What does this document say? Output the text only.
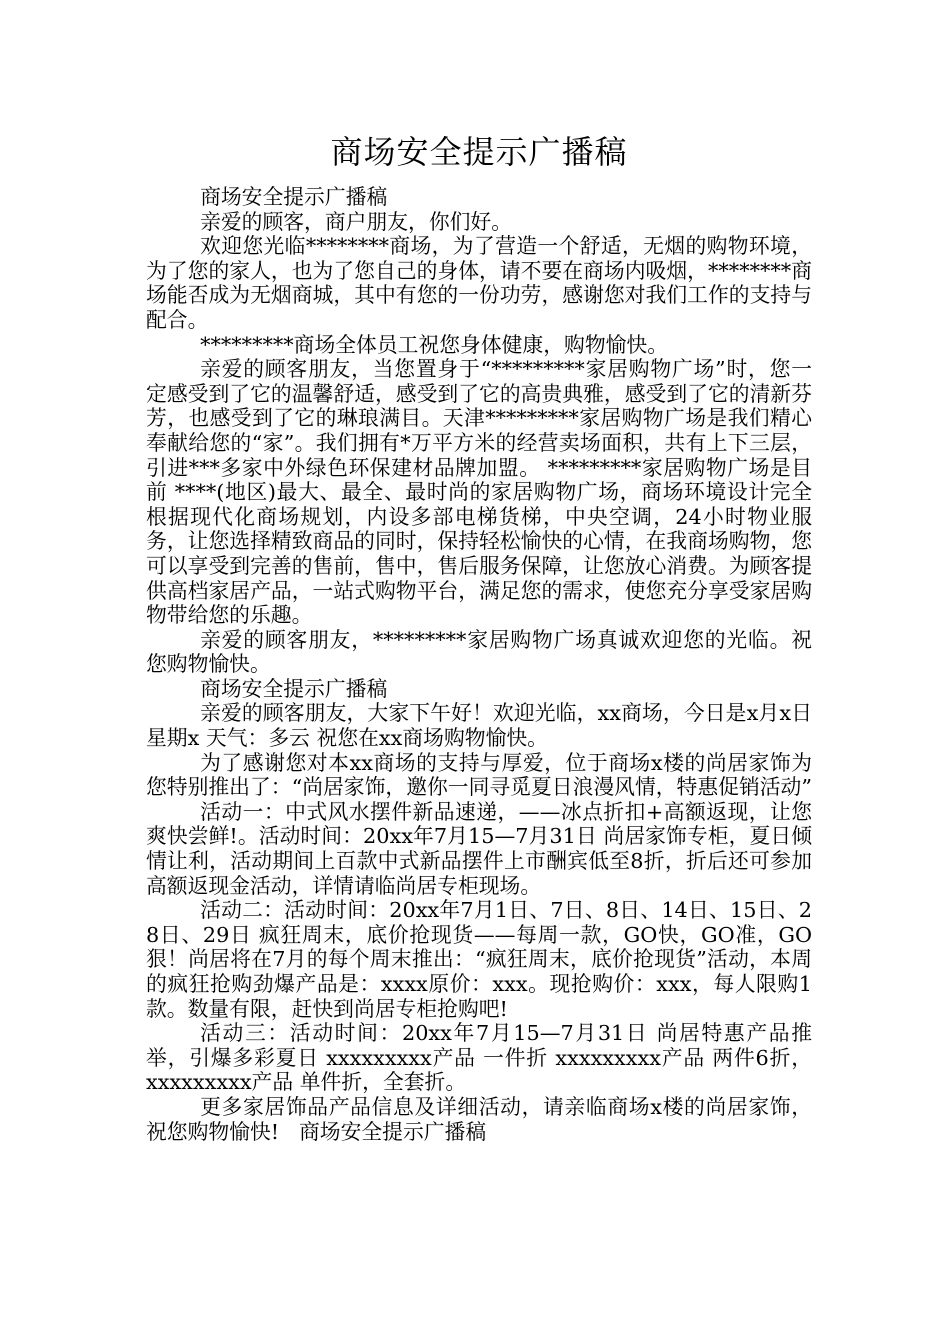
商场安全提示广播稿

商场安全提示广播稿

亲爱的顾客，商户朋友，你们好。

欢迎您光临********商场，为了营造一个舒适，无烟的购物环境，为了您的家人，也为了您自己的身体，请不要在商场内吸烟，********商场能否成为无烟商城，其中有您的一份功劳，感谢您对我们工作的支持与配合。

*********商场全体员工祝您身体健康，购物愉快。

亲爱的顾客朋友，当您置身于“*********家居购物广场”时，您一定感受到了它的温馨舒适，感受到了它的高贵典雅，感受到了它的清新芬芳，也感受到了它的琳琅满目。天津*********家居购物广场是我们精心奉献给您的“家”。我们拥有*万平方米的经营卖场面积，共有上下三层，引进***多家中外绿色环保建材品牌加盟。 *********家居购物广场是目前 ****(地区)最大、最全、最时尚的家居购物广场，商场环境设计完全根据现代化商场规划，内设多部电梯货梯，中央空调，24小时物业服务，让您选择精致商品的同时，保持轻松愉快的心情，在我商场购物，您可以享受到完善的售前，售中，售后服务保障，让您放心消费。为顾客提供高档家居产品，一站式购物平台，满足您的需求，使您充分享受家居购物带给您的乐趣。

亲爱的顾客朋友，*********家居购物广场真诚欢迎您的光临。祝您购物愉快。

商场安全提示广播稿

亲爱的顾客朋友，大家下午好！欢迎光临，xx商场，今日是x月x日 星期x 天气：多云 祝您在xx商场购物愉快。

为了感谢您对本xx商场的支持与厚爱，位于商场x楼的尚居家饰为您特别推出了：“尚居家饰，邀你一同寻觅夏日浪漫风情，特惠促销活动”

活动一：中式风水摆件新品速递，——冰点折扣+高额返现，让您爽快尝鲜!。活动时间：20xx年7月15—7月31日 尚居家饰专柜，夏日倾情让利，活动期间上百款中式新品摆件上市酬宾低至8折，折后还可参加高额返现金活动，详情请临尚居专柜现场。

活动二：活动时间：20xx年7月1日、7日、8日、14日、15日、28日、29日 疯狂周末，底价抢现货——每周一款，GO快，GO准，GO狠！尚居将在7月的每个周末推出：“疯狂周末，底价抢现货”活动，本周的疯狂抢购劲爆产品是：xxxx原价：xxx。现抢购价：xxx，每人限购1款。数量有限，赶快到尚居专柜抢购吧!

活动三：活动时间：20xx年7月15—7月31日 尚居特惠产品推举，引爆多彩夏日 xxxxxxxxx产品 一件折 xxxxxxxxx产品 两件6折，  xxxxxxxxx产品 单件折，全套折。

更多家居饰品产品信息及详细活动，请亲临商场x楼的尚居家饰，祝您购物愉快!   商场安全提示广播稿
